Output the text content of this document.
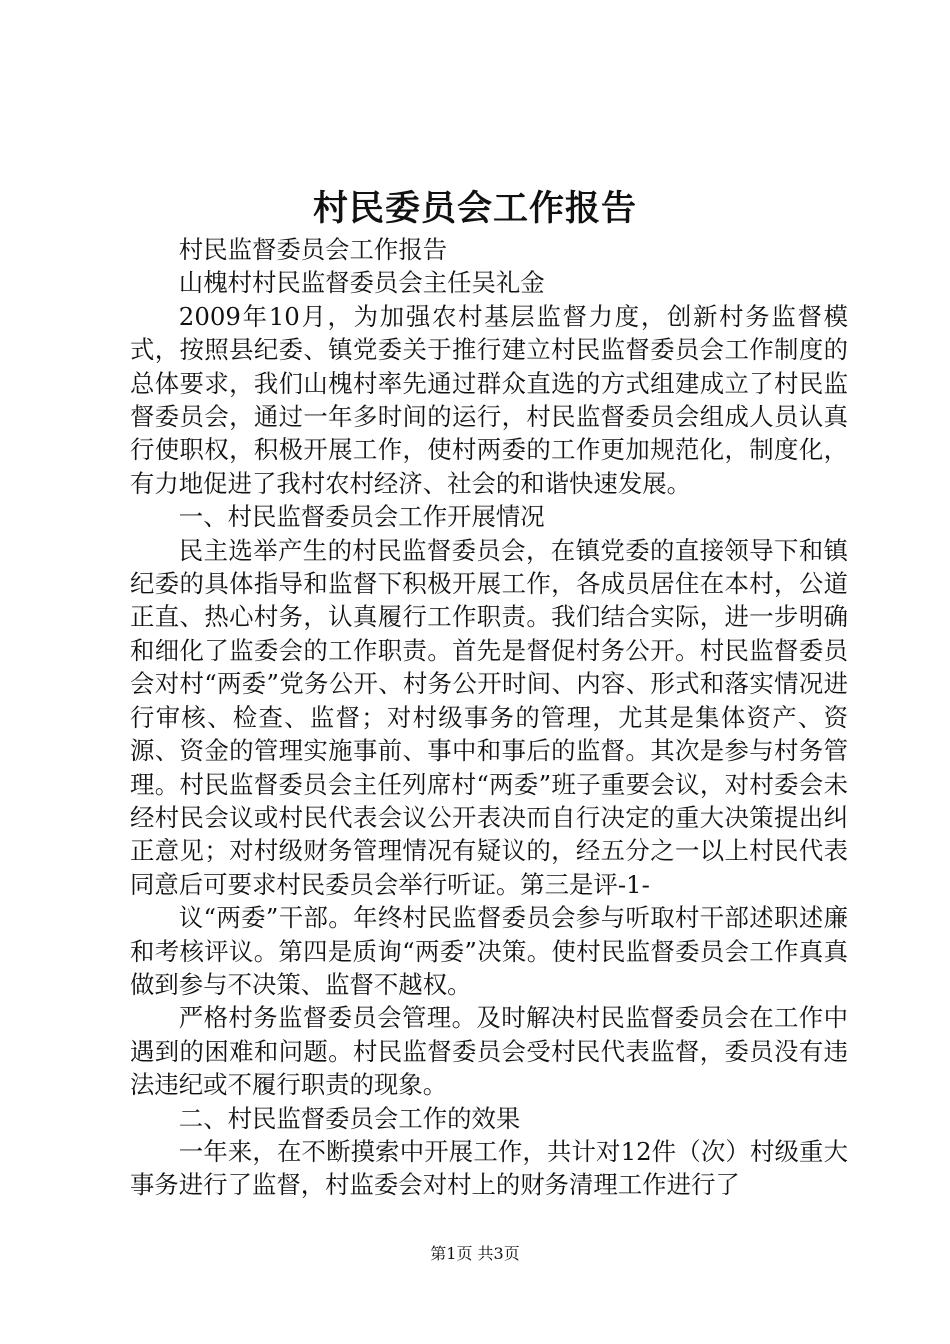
村民委员会工作报告

村民监督委员会工作报告

山槐村村民监督委员会主任吴礼金

2009年10月，为加强农村基层监督力度，创新村务监督模式，按照县纪委、镇党委关于推行建立村民监督委员会工作制度的总体要求，我们山槐村率先通过群众直选的方式组建成立了村民监督委员会，通过一年多时间的运行，村民监督委员会组成人员认真行使职权，积极开展工作，使村两委的工作更加规范化，制度化，有力地促进了我村农村经济、社会的和谐快速发展。

一、村民监督委员会工作开展情况

民主选举产生的村民监督委员会，在镇党委的直接领导下和镇纪委的具体指导和监督下积极开展工作，各成员居住在本村，公道正直、热心村务，认真履行工作职责。我们结合实际，进一步明确和细化了监委会的工作职责。首先是督促村务公开。村民监督委员会对村“两委”党务公开、村务公开时间、内容、形式和落实情况进行审核、检查、监督；对村级事务的管理，尤其是集体资产、资源、资金的管理实施事前、事中和事后的监督。其次是参与村务管理。村民监督委员会主任列席村“两委”班子重要会议，对村委会未经村民会议或村民代表会议公开表决而自行决定的重大决策提出纠正意见；对村级财务管理情况有疑议的，经五分之一以上村民代表同意后可要求村民委员会举行听证。第三是评-1-

议“两委”干部。年终村民监督委员会参与听取村干部述职述廉和考核评议。第四是质询“两委”决策。使村民监督委员会工作真真做到参与不决策、监督不越权。

严格村务监督委员会管理。及时解决村民监督委员会在工作中遇到的困难和问题。村民监督委员会受村民代表监督，委员没有违法违纪或不履行职责的现象。

二、村民监督委员会工作的效果

一年来，在不断摸索中开展工作，共计对12件（次）村级重大事务进行了监督，村监委会对村上的财务清理工作进行了

第1页 共3页
